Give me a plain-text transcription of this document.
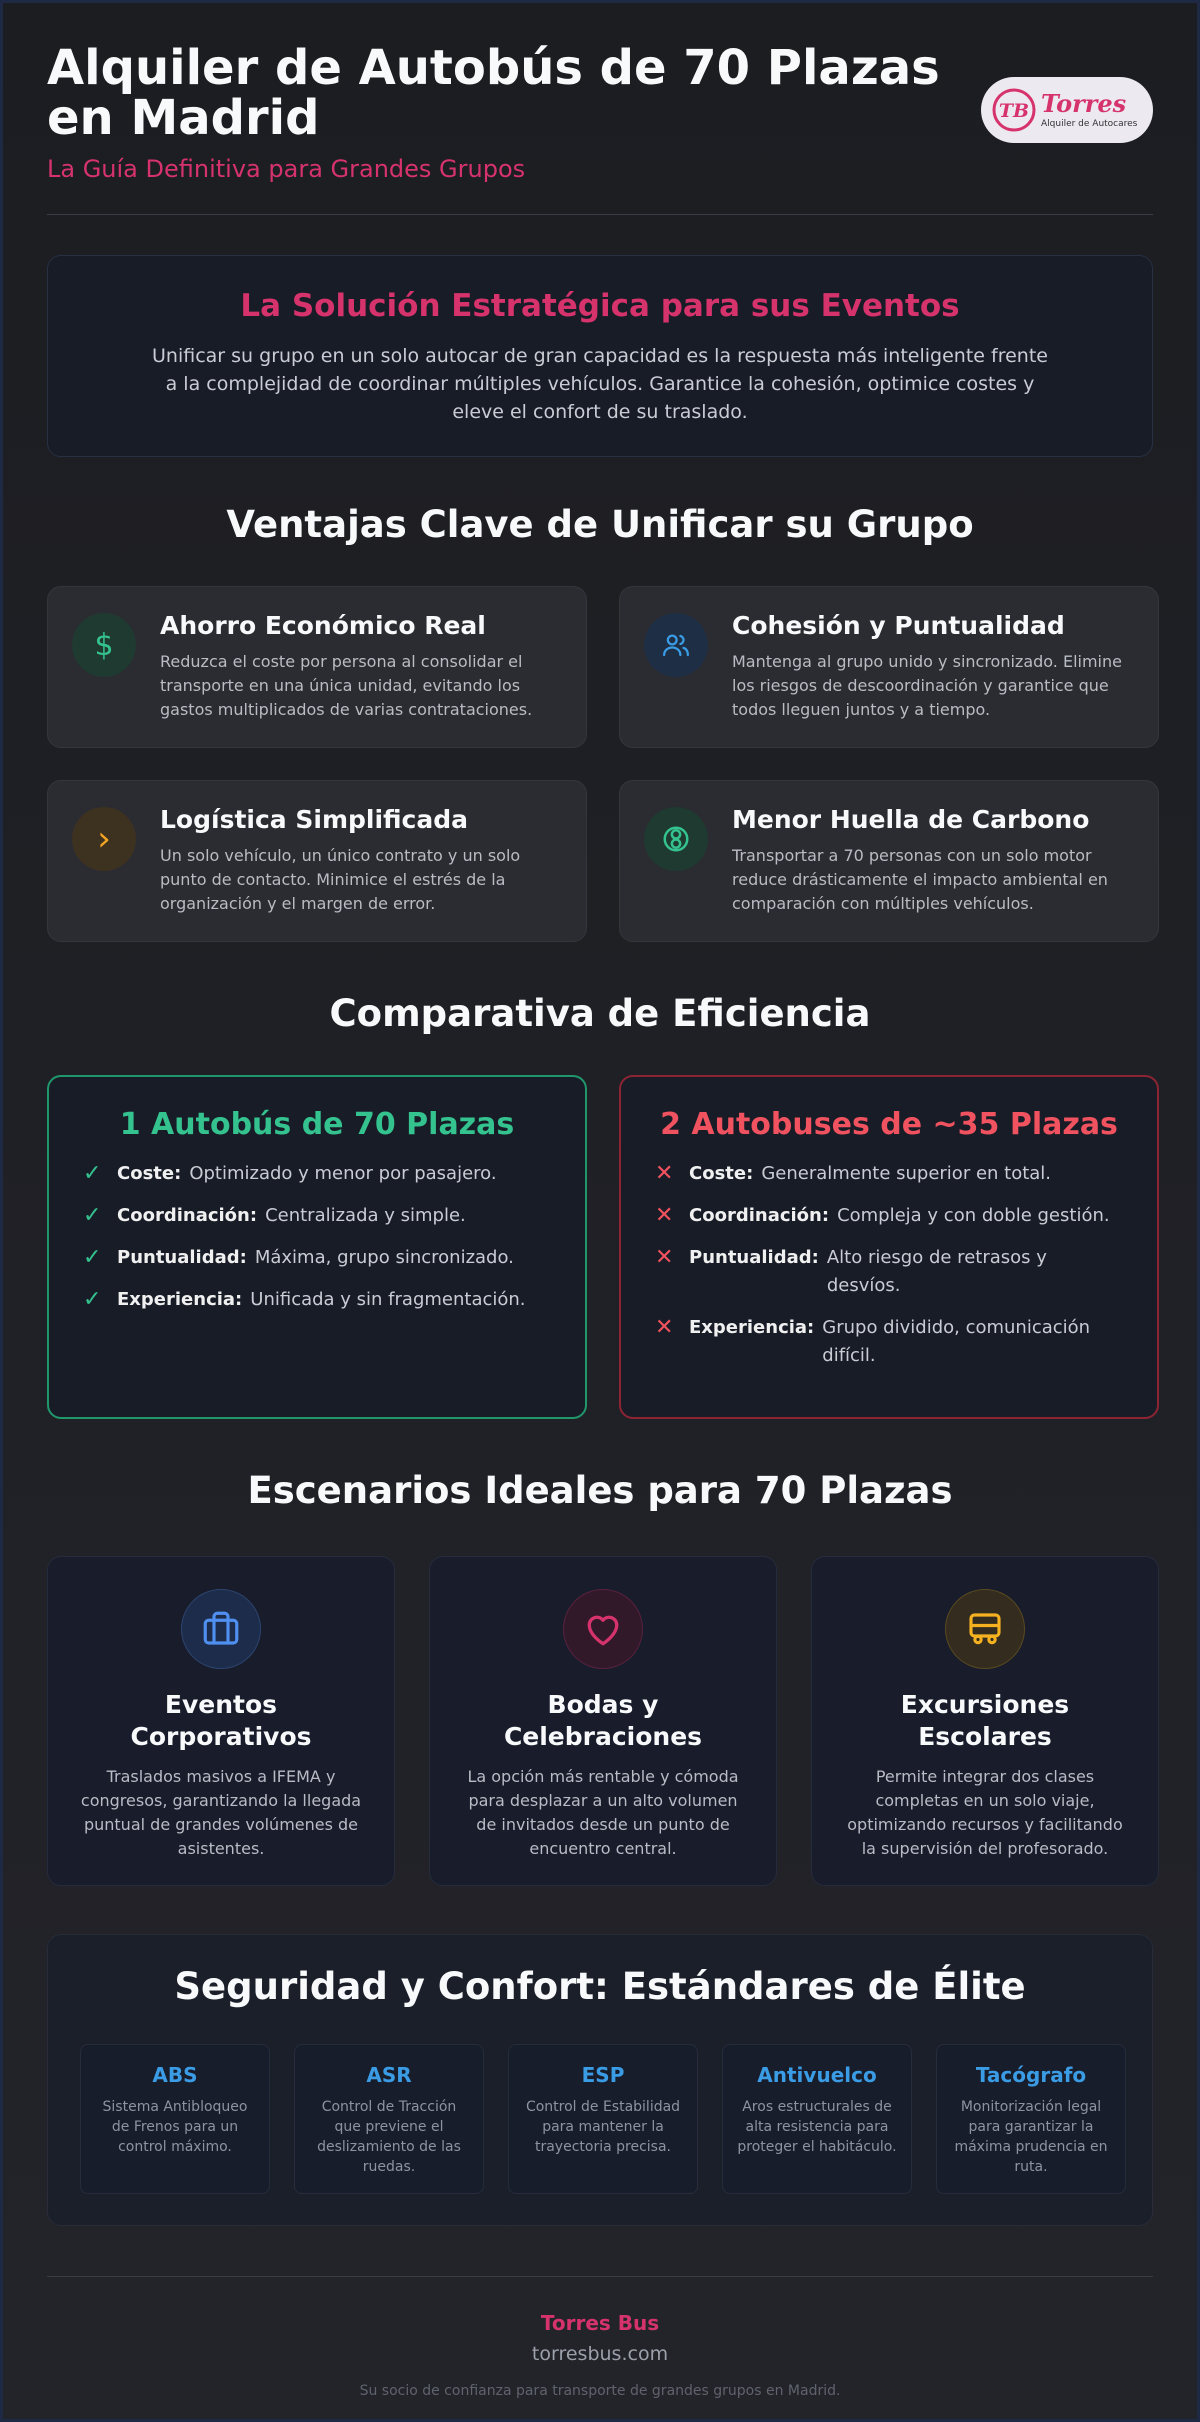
Alquiler de Autobús de 70 Plazas en Madrid
La Guía Definitiva para Grandes Grupos
TB Torres
Alquiler de Autocares
La Solución Estratégica para sus Eventos

Unificar su grupo en un solo autocar de gran capacidad es la respuesta más inteligente frente a la complejidad de coordinar múltiples vehículos. Garantice la cohesión, optimice costes y eleve el confort de su traslado.

Ventajas Clave de Unificar su Grupo
$
Ahorro Económico Real

Reduzca el coste por persona al consolidar el transporte en una única unidad, evitando los gastos multiplicados de varias contrataciones.

Cohesión y Puntualidad

Mantenga al grupo unido y sincronizado. Elimine los riesgos de descoordinación y garantice que todos lleguen juntos y a tiempo.

› Logística Simplificada

Un solo vehículo, un único contrato y un solo punto de contacto. Minimice el estrés de la organización y el margen de error.

Menor Huella de Carbono

Transportar a 70 personas con un solo motor reduce drásticamente el impacto ambiental en comparación con múltiples vehículos.

Comparativa de Eficiencia
1 Autobús de 70 Plazas
✓ Coste: Optimizado y menor por pasajero.
✓ Coordinación: Centralizada y simple.
✓ Puntualidad: Máxima, grupo sincronizado.
✓ Experiencia: Unificada y sin fragmentación.
2 Autobuses de ~35 Plazas
✕ Coste: Generalmente superior en total.
✕ Coordinación: Compleja y con doble gestión.
✕ Puntualidad: Alto riesgo de retrasos y desvíos.
✕ Experiencia: Grupo dividido, comunicación difícil.
Escenarios Ideales para 70 Plazas
Eventos Corporativos

Traslados masivos a IFEMA y congresos, garantizando la llegada puntual de grandes volúmenes de asistentes.

Bodas y Celebraciones

La opción más rentable y cómoda para desplazar a un alto volumen de invitados desde un punto de encuentro central.

Excursiones Escolares

Permite integrar dos clases completas en un solo viaje, optimizando recursos y facilitando la supervisión del profesorado.

Seguridad y Confort: Estándares de Élite
ABS

Sistema Antibloqueo de Frenos para un control máximo.

ASR

Control de Tracción que previene el deslizamiento de las ruedas.

ESP

Control de Estabilidad para mantener la trayectoria precisa.

Antivuelco

Aros estructurales de alta resistencia para proteger el habitáculo.

Tacógrafo

Monitorización legal para garantizar la máxima prudencia en ruta.

Torres Bus
torresbus.com
Su socio de confianza para transporte de grandes grupos en Madrid.
